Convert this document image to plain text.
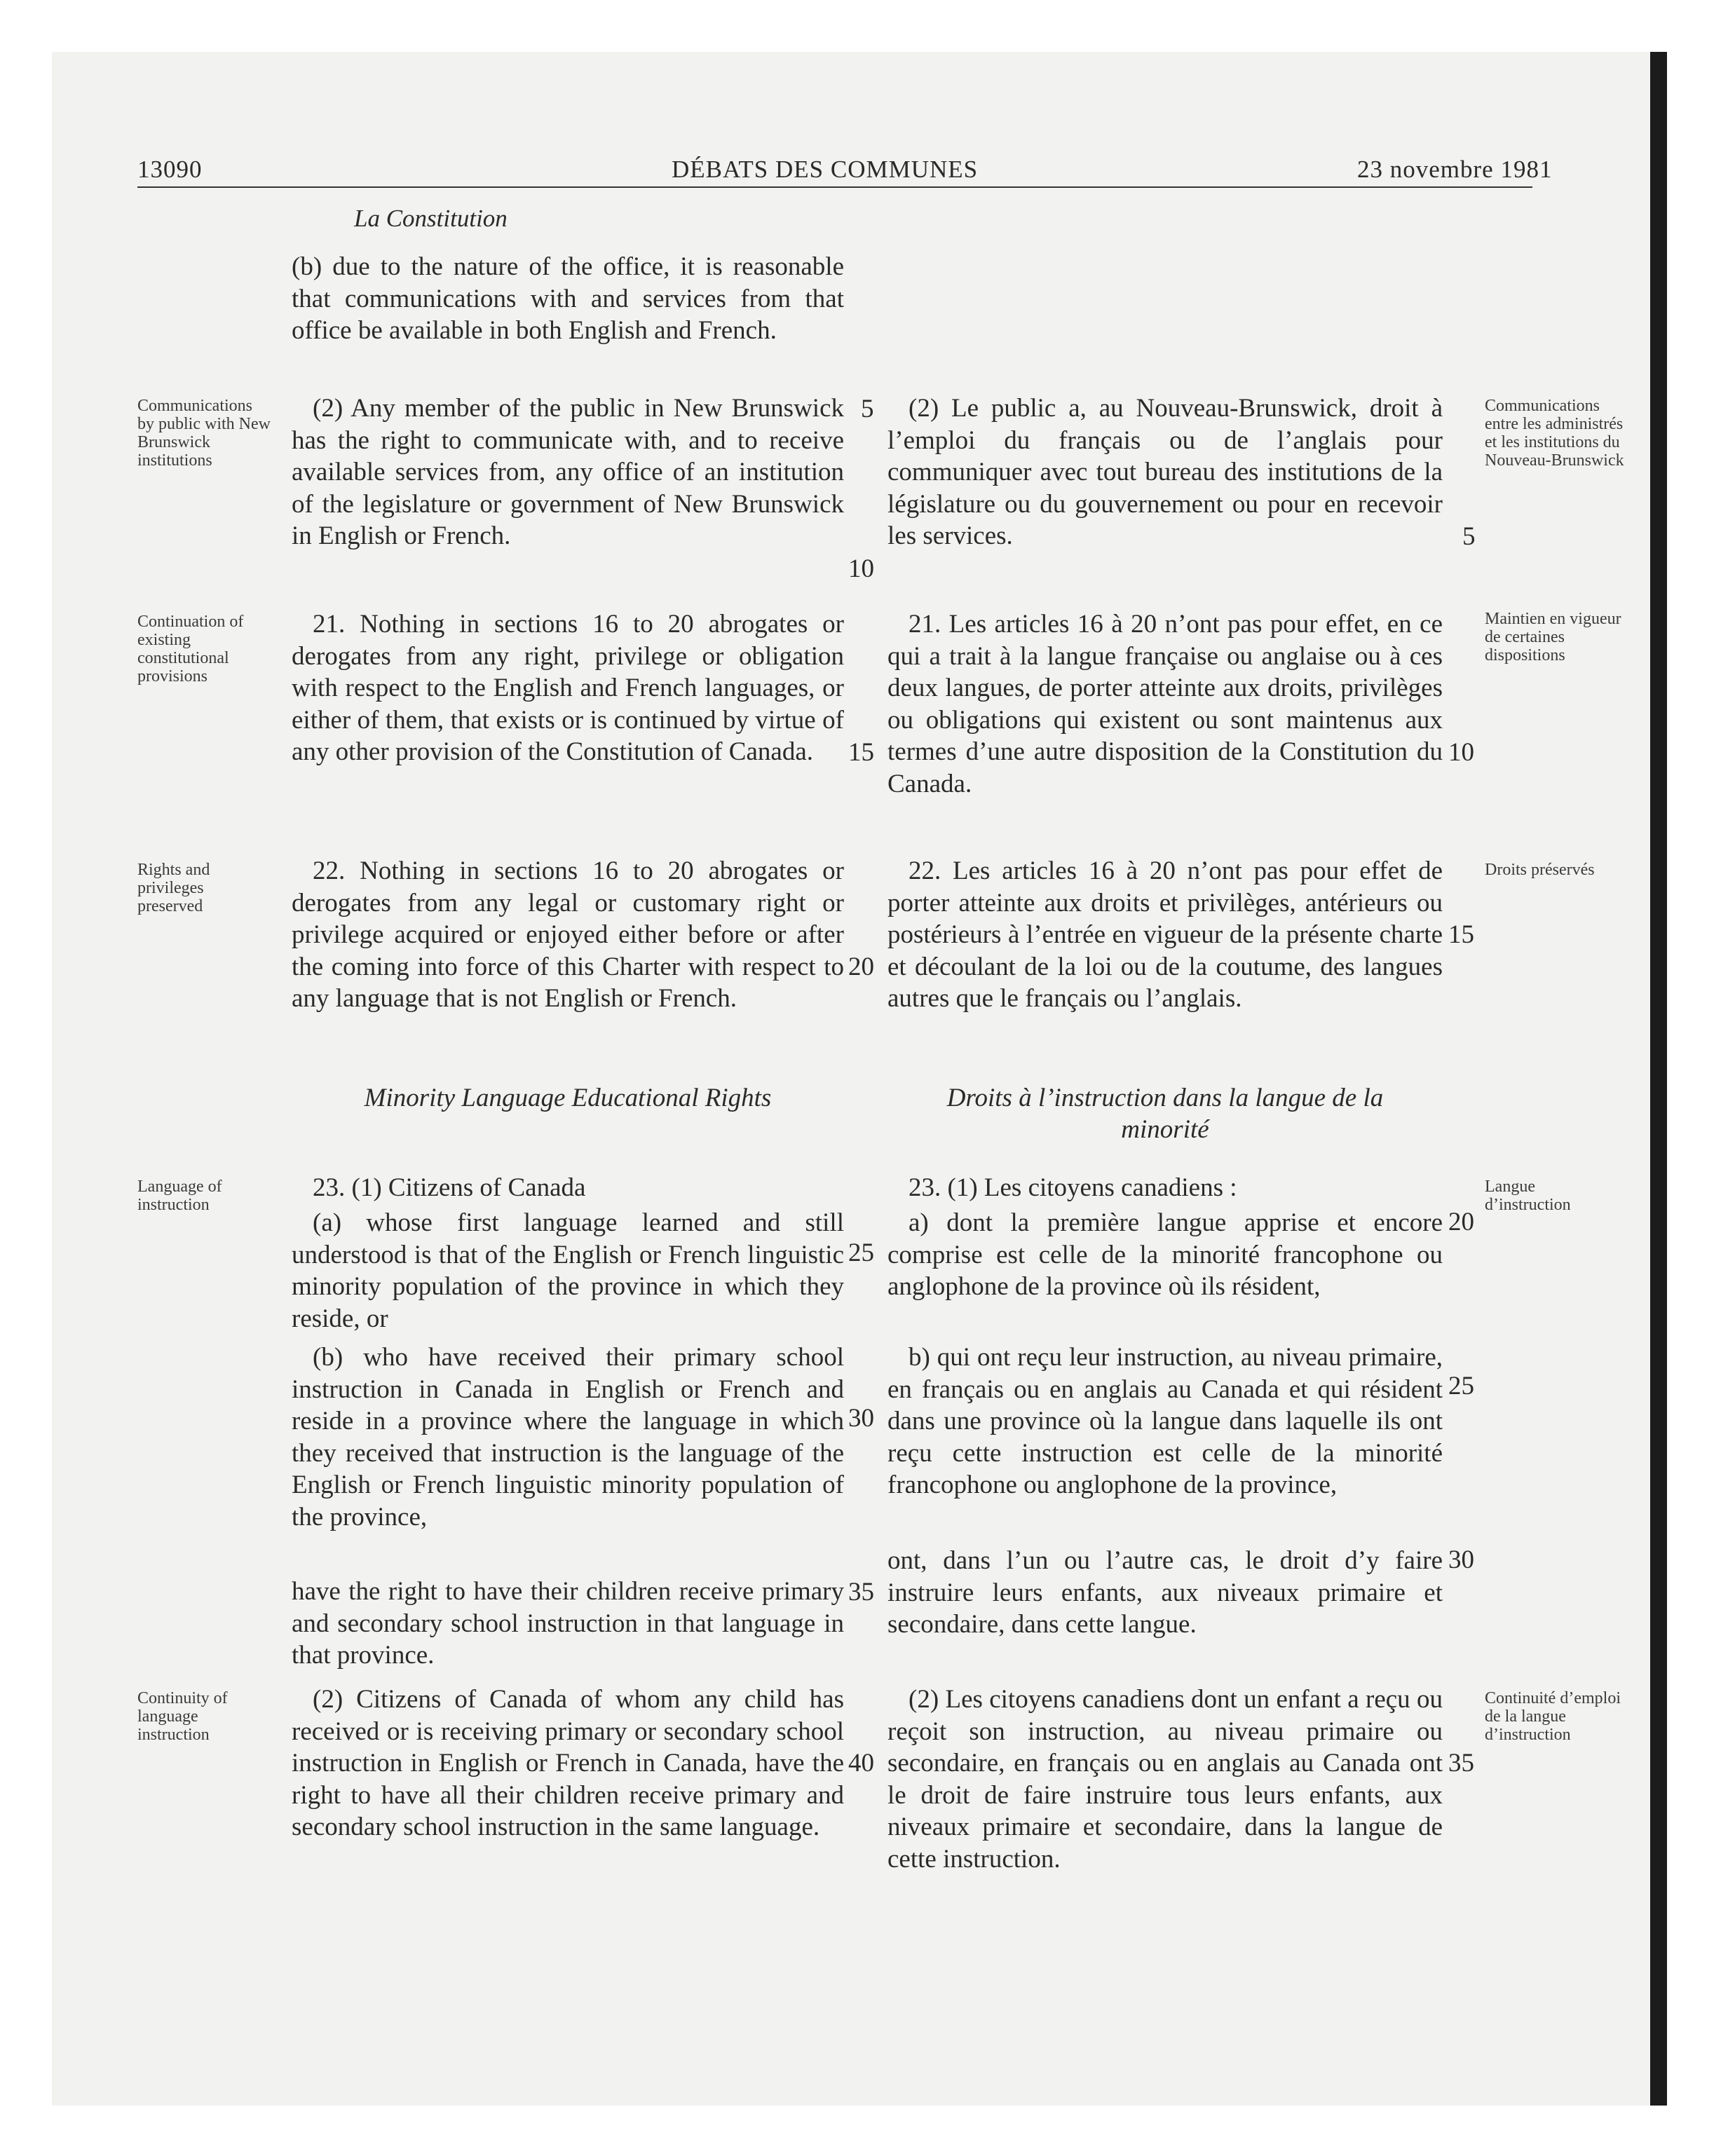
13090	DÉBATS DES COMMUNES	23 novembre 1981
La Constitution
(b) due to the nature of the office, it is reasonable that communications with and services from that office be available in both English and French.
(2) Any member of the public in New Brunswick has the right to communicate with, and to receive available services from, any office of an institution of the legislature or government of New Brunswick in English or French.
21. Nothing in sections 16 to 20 abrogates or derogates from any right, privilege or obligation with respect to the English and French languages, or either of them, that exists or is continued by virtue of any other provision of the Constitution of Canada.
22. Nothing in sections 16 to 20 abrogates or derogates from any legal or customary right or privilege acquired or enjoyed either before or after the coming into force of this Charter with respect to any language that is not English or French.
Minority Language Educational Rights
23. (1) Citizens of Canada
(a) whose first language learned and still understood is that of the English or French linguistic minority population of the province in which they reside, or
(b) who have received their primary school instruction in Canada in English or French and reside in a province where the language in which they received that instruction is the language of the English or French linguistic minority population of the province,
have the right to have their children receive primary and secondary school instruction in that language in that province.
(2) Citizens of Canada of whom any child has received or is receiving primary or secondary school instruction in English or French in Canada, have the right to have all their children receive primary and secondary school instruction in the same language.
(2) Le public a, au Nouveau-Brunswick, droit à l’emploi du français ou de l’anglais pour communiquer avec tout bureau des institutions de la législature ou du gouvernement ou pour en recevoir les services.
21. Les articles 16 à 20 n’ont pas pour effet, en ce qui a trait à la langue française ou anglaise ou à ces deux langues, de porter atteinte aux droits, privilèges ou obligations qui existent ou sont maintenus aux termes d’une autre disposition de la Constitution du Canada.
22. Les articles 16 à 20 n’ont pas pour effet de porter atteinte aux droits et privilèges, antérieurs ou postérieurs à l’entrée en vigueur de la présente charte et découlant de la loi ou de la coutume, des langues autres que le français ou l’anglais.
Droits à l’instruction dans la langue de la minorité
23. (1) Les citoyens canadiens :
a) dont la première langue apprise et encore comprise est celle de la minorité francophone ou anglophone de la province où ils résident,
b) qui ont reçu leur instruction, au niveau primaire, en français ou en anglais au Canada et qui résident dans une province où la langue dans laquelle ils ont reçu cette instruction est celle de la minorité francophone ou anglophone de la province,
ont, dans l’un ou l’autre cas, le droit d’y faire instruire leurs enfants, aux niveaux primaire et secondaire, dans cette langue.
(2) Les citoyens canadiens dont un enfant a reçu ou reçoit son instruction, au niveau primaire ou secondaire, en français ou en anglais au Canada ont le droit de faire instruire tous leurs enfants, aux niveaux primaire et secondaire, dans la langue de cette instruction.
5
10
15
20
25
30
35
40
5
10
15
20
25
30
35
Communications by public with New Brunswick institutions
Continuation of existing constitutional provisions
Rights and privileges preserved
Language of instruction
Continuity of language instruction
Communications entre les administrés et les institutions du Nouveau-Brunswick
Maintien en vigueur de certaines dispositions
Droits préservés
Langue d’instruction
Continuité d’emploi de la langue d’instruction
